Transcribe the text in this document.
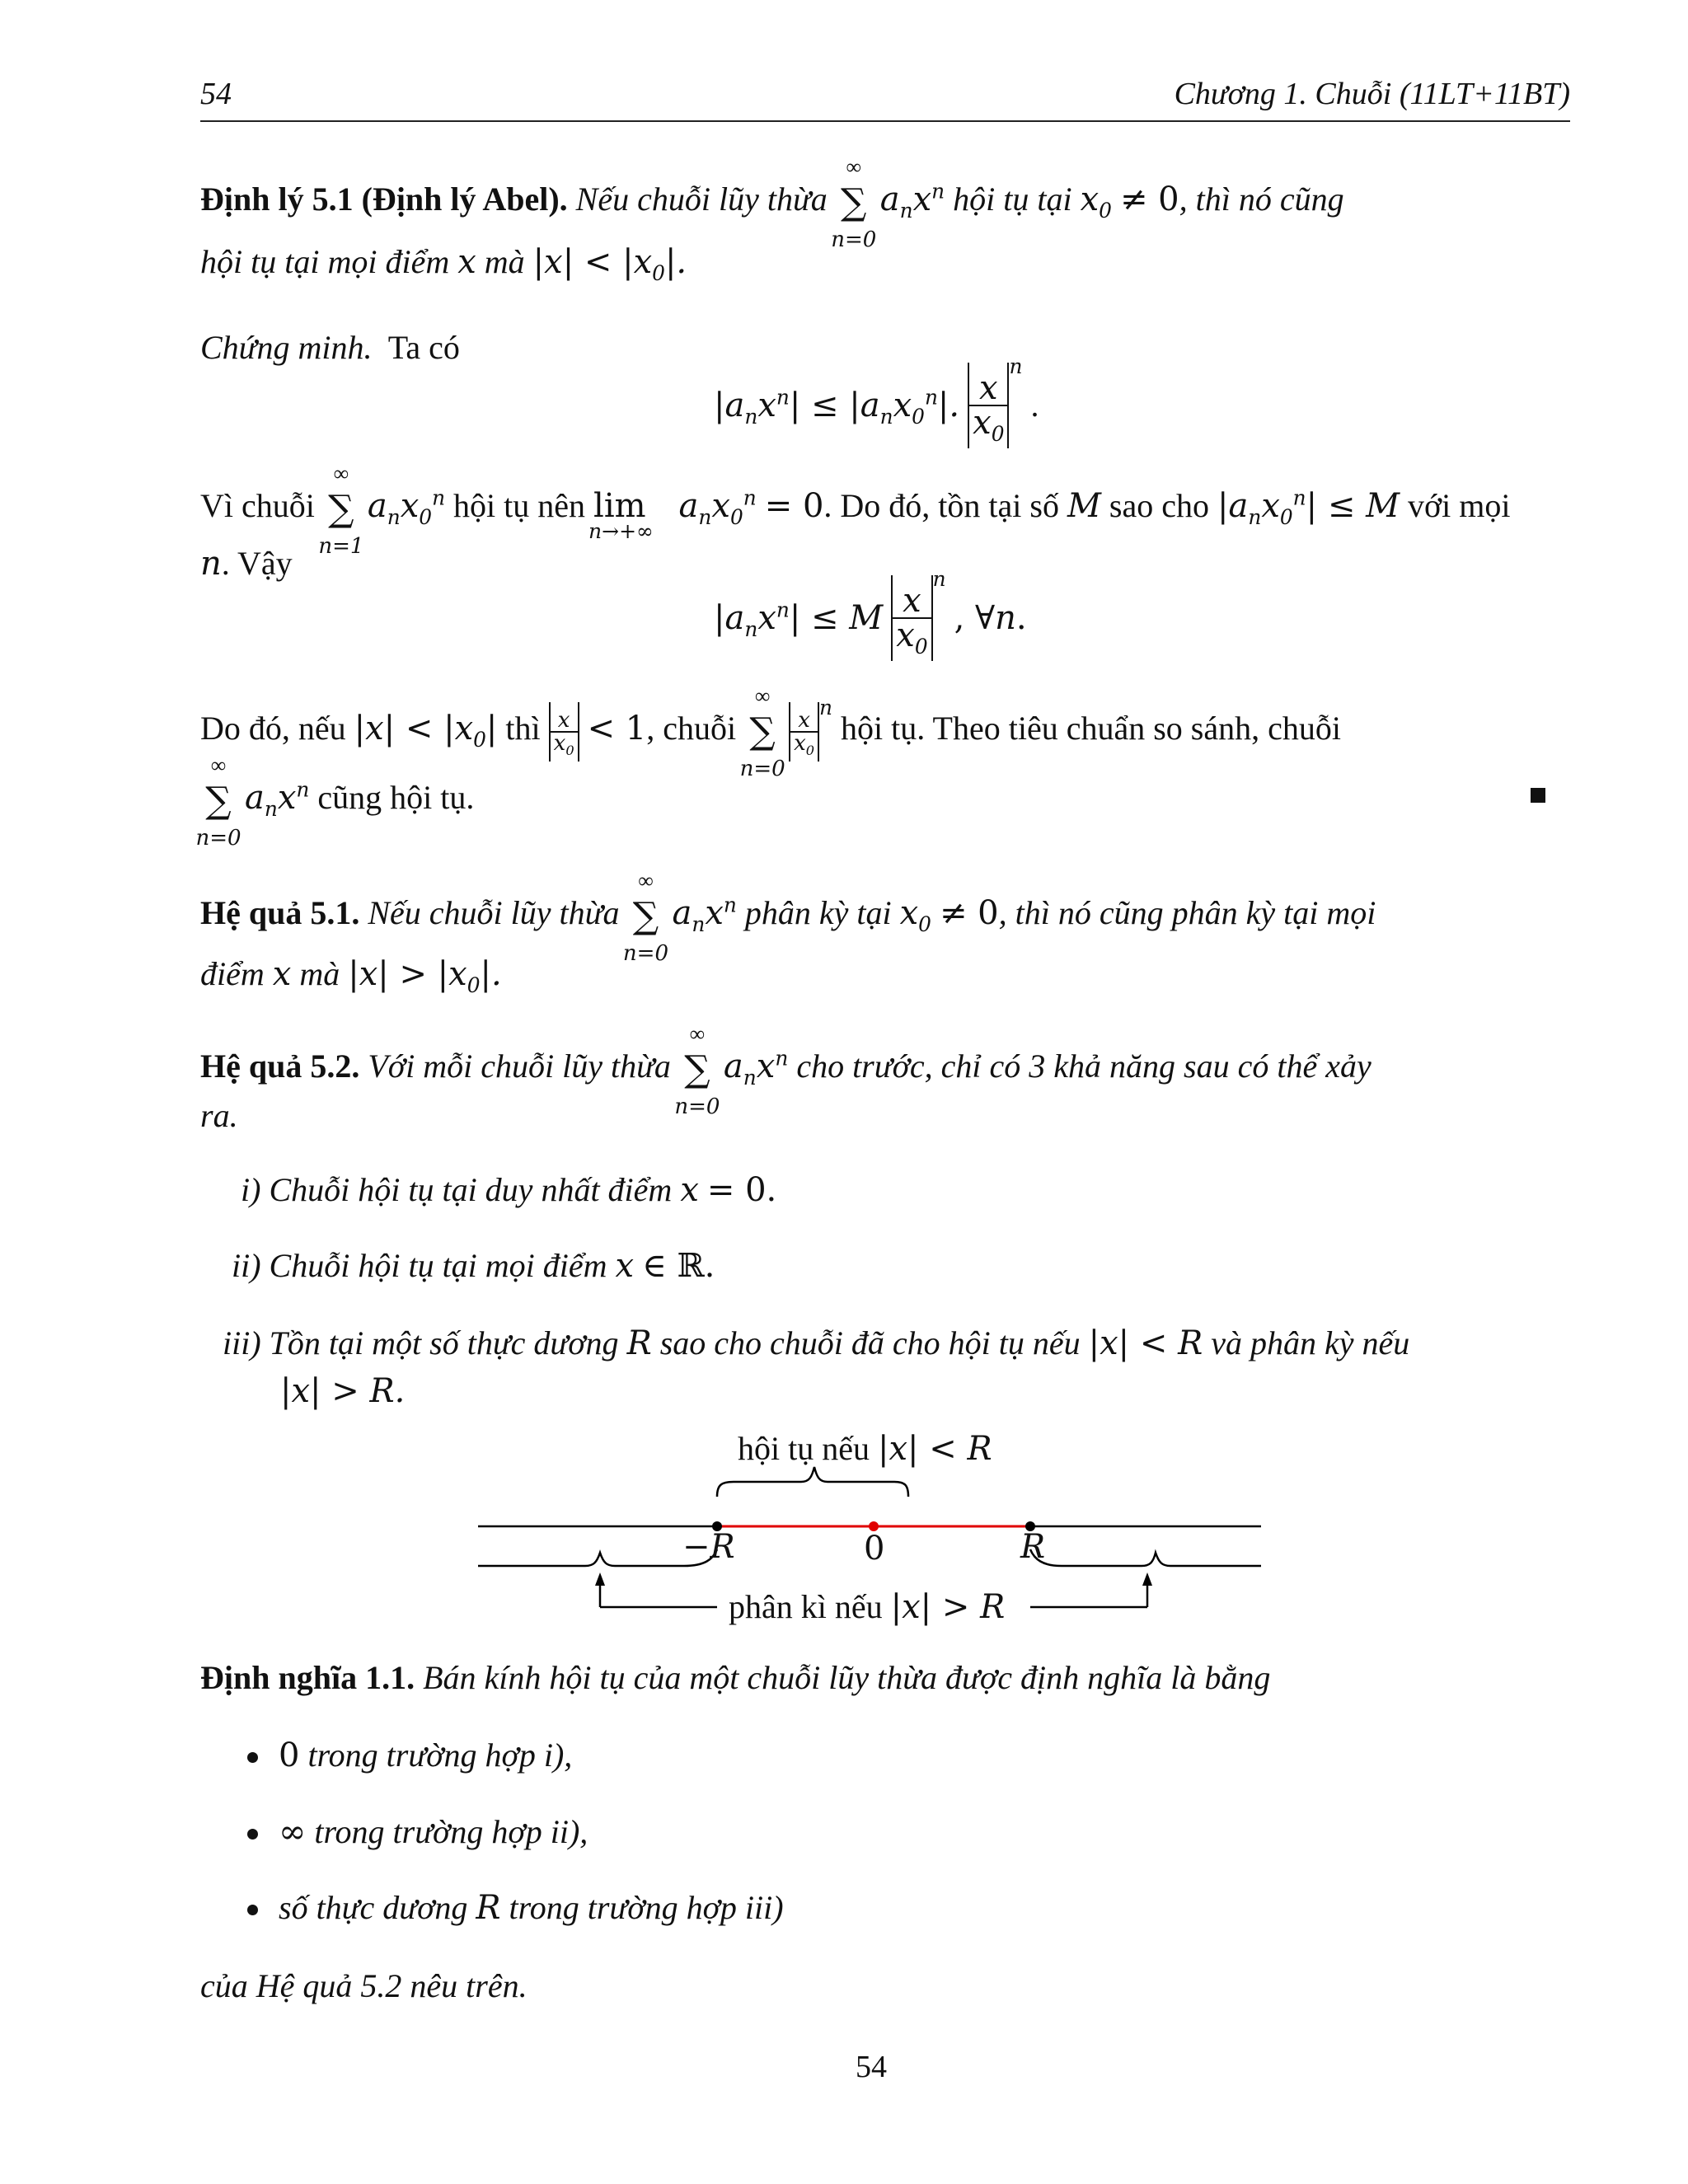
54	Chương 1. Chuỗi (11LT+11BT)
Định lý 5.1 (Định lý Abel). Nếu chuỗi lũy thừa
∞
∑
n=0
$a_nx^n$ hội tụ tại $x_0 \ne 0$, thì nó cũng
hội tụ tại mọi điểm x mà $|x| < |x_0|$.
Chứng minh. Ta có
$|a_nx^n| \le |a_nx_0^n|$. $\frac{x}{x_0}$
$^n$ .
Vì chuỗi
∞
∑
n=1
$a_nx_0^n$ hội tụ nên lim
n→+∞
$a_nx_0^n = 0$. Do đó, tồn tại số M sao cho $|a_nx_0^n| \le M$ với mọi
n. Vậy
$|a_nx^n| \le M \frac{x}{x_0}$
$^n$ , ∀n.
Do đó, nếu $|x| < |x_0|$ thì $\frac{x}{x_0} < 1$, chuỗi
∞
∑
n=0

$\frac{x}{x_0}$
$^n$ hội tụ. Theo tiêu chuẩn so sánh, chuỗi
∞
∑
n=0
$a_nx^n$ cũng hội tụ.
Hệ quả 5.1. Nếu chuỗi lũy thừa
∞
∑
n=0
$a_nx^n$ phân kỳ tại $x_0 \ne 0$, thì nó cũng phân kỳ tại mọi
điểm x mà $|x| > |x_0|$.
Hệ quả 5.2. Với mỗi chuỗi lũy thừa
∞
∑
n=0
$a_nx^n$ cho trước, chỉ có 3 khả năng sau có thể xảy
ra.
i) Chuỗi hội tụ tại duy nhất điểm x = 0.
ii) Chuỗi hội tụ tại mọi điểm x ∈ ℝ.
iii) Tồn tại một số thực dương R sao cho chuỗi đã cho hội tụ nếu |x| < R và phân kỳ nếu
|x| > R.
hội tụ nếu |x| < R
−R	0	R
phân kì nếu |x| > R
Định nghĩa 1.1. Bán kính hội tụ của một chuỗi lũy thừa được định nghĩa là bằng
0 trong trường hợp i),
∞ trong trường hợp ii),
số thực dương R trong trường hợp iii)
của Hệ quả 5.2 nêu trên.
54
